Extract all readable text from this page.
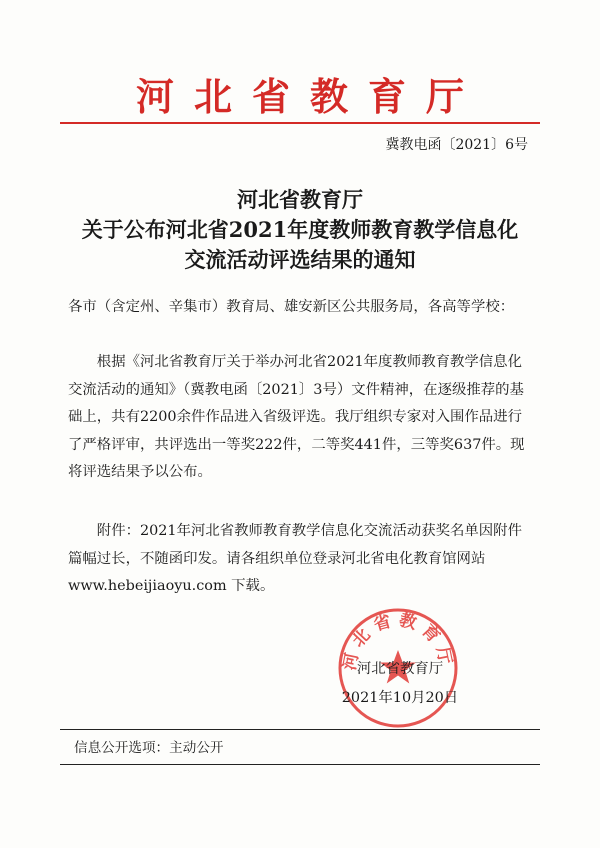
河北省教育厅
冀教电函〔2021〕6号
河北省教育厅
关于公布河北省2021年度教师教育教学信息化
交流活动评选结果的通知

各市（含定州、辛集市）教育局、雄安新区公共服务局，各高等学校：

根据《河北省教育厅关于举办河北省2021年度教师教育教学信息化交流活动的通知》（冀教电函〔2021〕3号）文件精神，在逐级推荐的基础上，共有2200余件作品进入省级评选。我厅组织专家对入围作品进行了严格评审，共评选出一等奖222件，二等奖441件，三等奖637件。现将评选结果予以公布。

附件：2021年河北省教师教育教学信息化交流活动获奖名单因附件篇幅过长，不随函印发。请各组织单位登录河北省电化教育馆网站 www.hebeijiaoyu.com 下载。

河北省教育厅
河北省教育厅
2021年10月20日
信息公开选项：主动公开
